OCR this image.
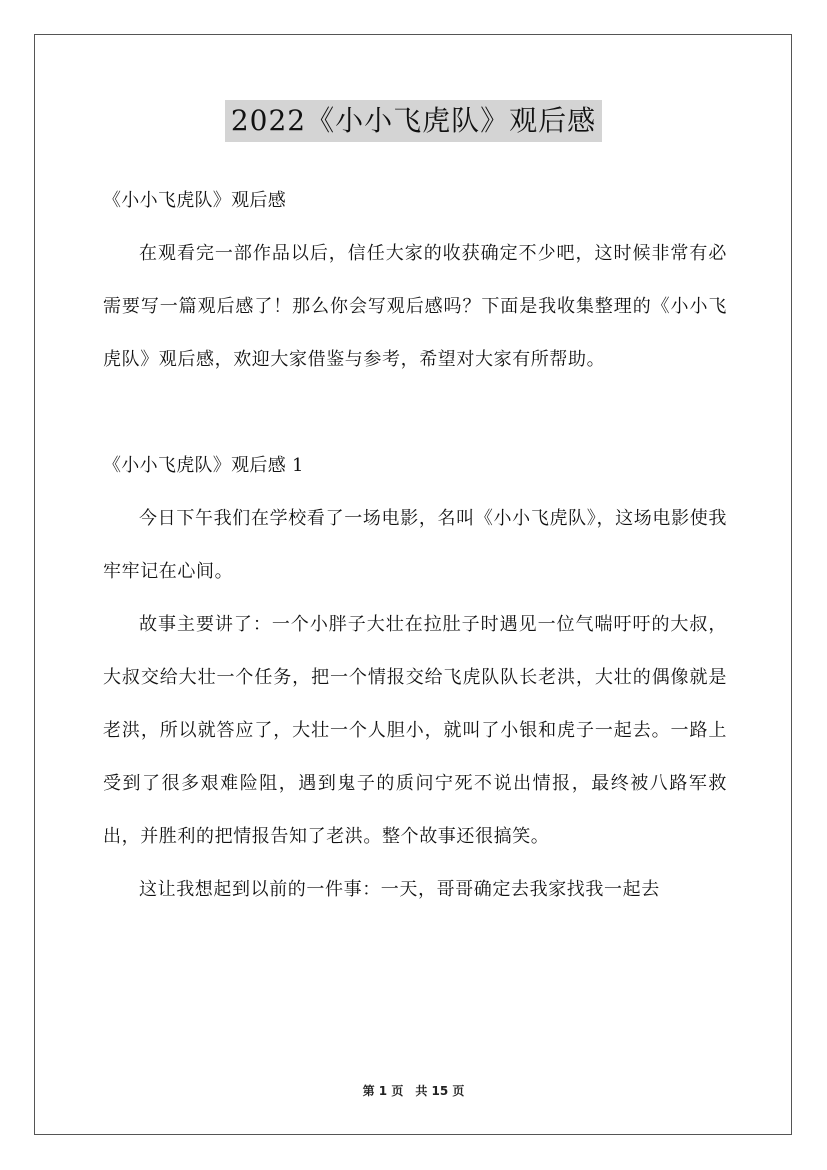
2022《小小飞虎队》观后感

《小小飞虎队》观后感

在观看完一部作品以后，信任大家的收获确定不少吧，这时候非常有必需要写一篇观后感了！那么你会写观后感吗？下面是我收集整理的《小小飞虎队》观后感，欢迎大家借鉴与参考，希望对大家有所帮助。

《小小飞虎队》观后感 1

今日下午我们在学校看了一场电影，名叫《小小飞虎队》，这场电影使我牢牢记在心间。

故事主要讲了：一个小胖子大壮在拉肚子时遇见一位气喘吁吁的大叔，大叔交给大壮一个任务，把一个情报交给飞虎队队长老洪，大壮的偶像就是老洪，所以就答应了，大壮一个人胆小，就叫了小银和虎子一起去。一路上受到了很多艰难险阻，遇到鬼子的质问宁死不说出情报，最终被八路军救出，并胜利的把情报告知了老洪。整个故事还很搞笑。

这让我想起到以前的一件事：一天，哥哥确定去我家找我一起去

第 1 页 共 15 页
